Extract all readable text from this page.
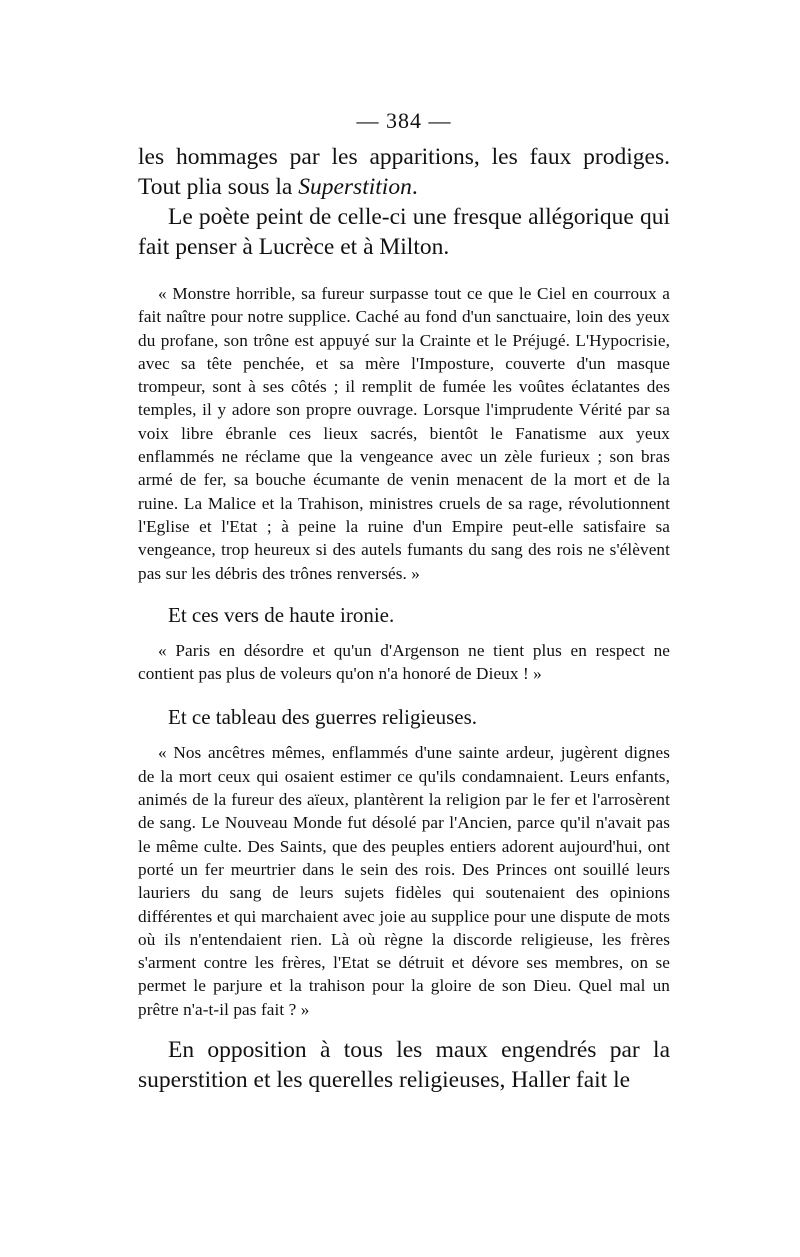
— 384 —

les hommages par les apparitions, les faux prodiges. Tout plia sous la Superstition.

Le poète peint de celle-ci une fresque allégorique qui fait penser à Lucrèce et à Milton.

« Monstre horrible, sa fureur surpasse tout ce que le Ciel en courroux a fait naître pour notre supplice. Caché au fond d'un sanctuaire, loin des yeux du profane, son trône est appuyé sur la Crainte et le Préjugé. L'Hypocrisie, avec sa tête penchée, et sa mère l'Imposture, couverte d'un masque trompeur, sont à ses côtés ; il remplit de fumée les voûtes éclatantes des temples, il y adore son propre ouvrage. Lorsque l'imprudente Vérité par sa voix libre ébranle ces lieux sacrés, bientôt le Fanatisme aux yeux enflammés ne réclame que la vengeance avec un zèle furieux ; son bras armé de fer, sa bouche écumante de venin menacent de la mort et de la ruine. La Malice et la Trahison, ministres cruels de sa rage, révolutionnent l'Eglise et l'Etat ; à peine la ruine d'un Empire peut-elle satisfaire sa vengeance, trop heureux si des autels fumants du sang des rois ne s'élèvent pas sur les débris des trônes renversés. »

Et ces vers de haute ironie.

« Paris en désordre et qu'un d'Argenson ne tient plus en respect ne contient pas plus de voleurs qu'on n'a honoré de Dieux ! »

Et ce tableau des guerres religieuses.

« Nos ancêtres mêmes, enflammés d'une sainte ardeur, jugèrent dignes de la mort ceux qui osaient estimer ce qu'ils condamnaient. Leurs enfants, animés de la fureur des aïeux, plantèrent la religion par le fer et l'arrosèrent de sang. Le Nouveau Monde fut désolé par l'Ancien, parce qu'il n'avait pas le même culte. Des Saints, que des peuples entiers adorent aujourd'hui, ont porté un fer meurtrier dans le sein des rois. Des Princes ont souillé leurs lauriers du sang de leurs sujets fidèles qui soutenaient des opinions différentes et qui marchaient avec joie au supplice pour une dispute de mots où ils n'entendaient rien. Là où règne la discorde religieuse, les frères s'arment contre les frères, l'Etat se détruit et dévore ses membres, on se permet le parjure et la trahison pour la gloire de son Dieu. Quel mal un prêtre n'a-t-il pas fait ? »

En opposition à tous les maux engendrés par la superstition et les querelles religieuses, Haller fait le
